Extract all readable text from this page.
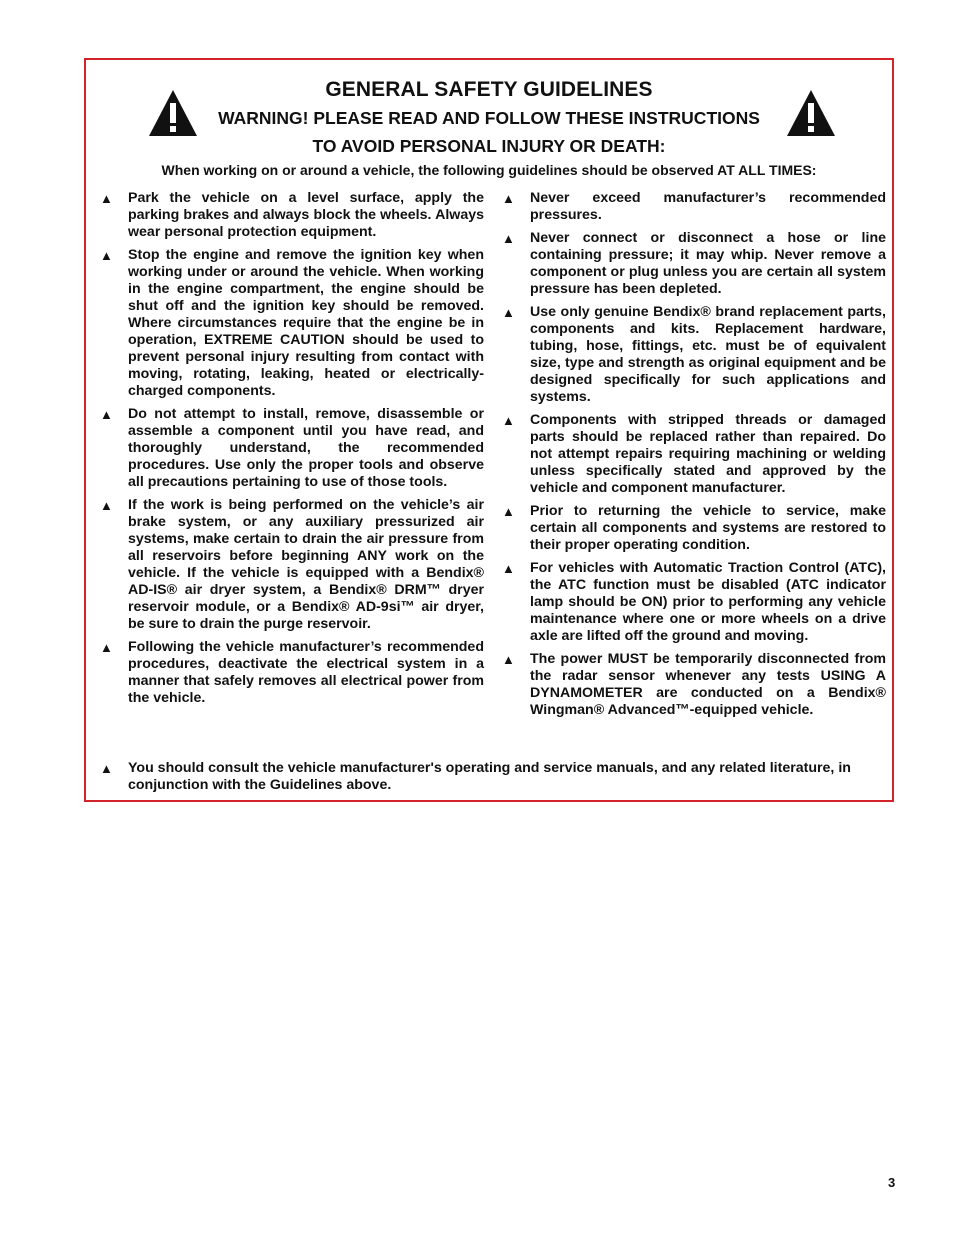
GENERAL SAFETY GUIDELINES
WARNING! PLEASE READ AND FOLLOW THESE INSTRUCTIONS
TO AVOID PERSONAL INJURY OR DEATH:
When working on or around a vehicle, the following guidelines should be observed AT ALL TIMES:
▲ Park the vehicle on a level surface, apply the parking brakes and always block the wheels. Always wear personal protection equipment.
▲ Stop the engine and remove the ignition key when working under or around the vehicle. When working in the engine compartment, the engine should be shut off and the ignition key should be removed. Where circumstances require that the engine be in operation, EXTREME CAUTION should be used to prevent personal injury resulting from contact with moving, rotating, leaking, heated or electrically-charged components.
▲ Do not attempt to install, remove, disassemble or assemble a component until you have read, and thoroughly understand, the recommended procedures. Use only the proper tools and observe all precautions pertaining to use of those tools.
▲ If the work is being performed on the vehicle’s air brake system, or any auxiliary pressurized air systems, make certain to drain the air pressure from all reservoirs before beginning ANY work on the vehicle. If the vehicle is equipped with a Bendix® AD-IS® air dryer system, a Bendix® DRM™ dryer reservoir module, or a Bendix® AD-9si™ air dryer, be sure to drain the purge reservoir.
▲ Following the vehicle manufacturer’s recommended procedures, deactivate the electrical system in a manner that safely removes all electrical power from the vehicle.
▲ Never exceed manufacturer’s recommended pressures.
▲ Never connect or disconnect a hose or line containing pressure; it may whip. Never remove a component or plug unless you are certain all system pressure has been depleted.
▲ Use only genuine Bendix® brand replacement parts, components and kits. Replacement hardware, tubing, hose, fittings, etc. must be of equivalent size, type and strength as original equipment and be designed specifically for such applications and systems.
▲ Components with stripped threads or damaged parts should be replaced rather than repaired. Do not attempt repairs requiring machining or welding unless specifically stated and approved by the vehicle and component manufacturer.
▲ Prior to returning the vehicle to service, make certain all components and systems are restored to their proper operating condition.
▲ For vehicles with Automatic Traction Control (ATC), the ATC function must be disabled (ATC indicator lamp should be ON) prior to performing any vehicle maintenance where one or more wheels on a drive axle are lifted off the ground and moving.
▲ The power MUST be temporarily disconnected from the radar sensor whenever any tests USING A DYNAMOMETER are conducted on a Bendix® Wingman® Advanced™-equipped vehicle.
▲ You should consult the vehicle manufacturer's operating and service manuals, and any related literature, in conjunction with the Guidelines above.
3
